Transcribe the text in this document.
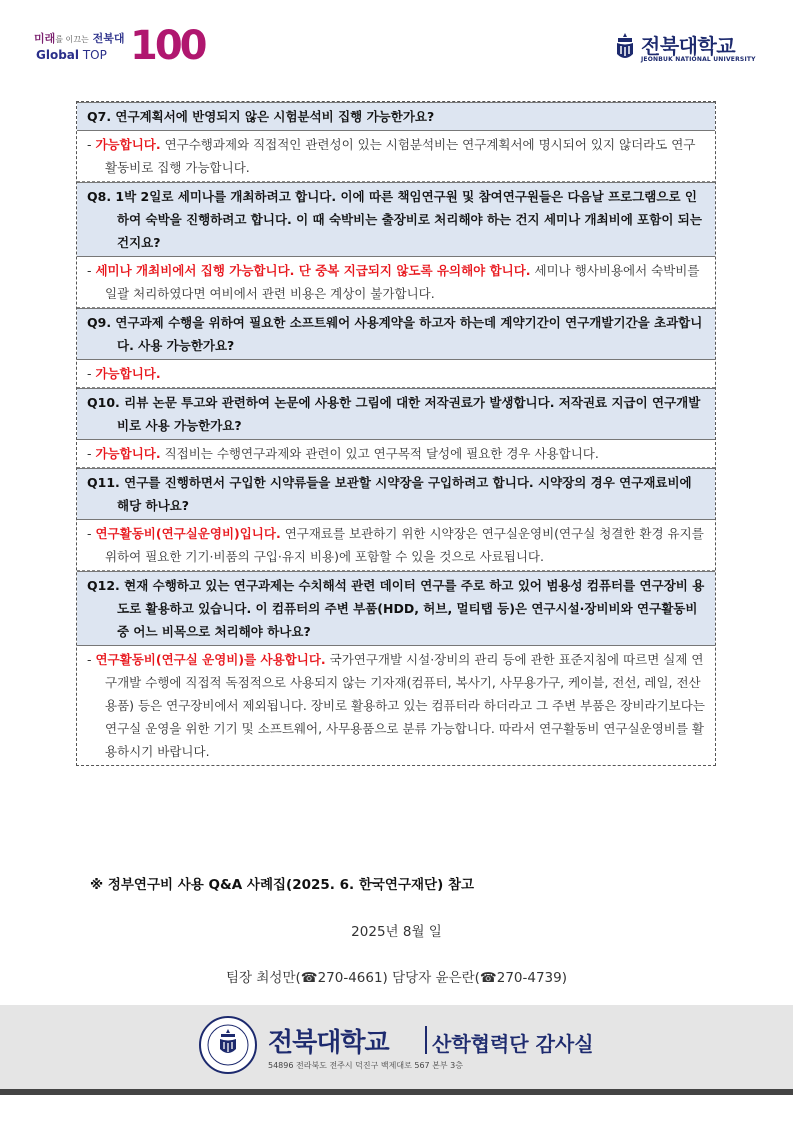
미래를 이끄는 전북대
Global TOP 100	전북대학교
JEONBUK NATIONAL UNIVERSITY
Q7. 연구계획서에 반영되지 않은 시험분석비 집행 가능한가요?
- 가능합니다. 연구수행과제와 직접적인 관련성이 있는 시험분석비는 연구계획서에 명시되어 있지 않더라도 연구활동비로 집행 가능합니다.
Q8. 1박 2일로 세미나를 개최하려고 합니다. 이에 따른 책임연구원 및 참여연구원들은 다음날 프로그램으로 인하여 숙박을 진행하려고 합니다. 이 때 숙박비는 출장비로 처리해야 하는 건지 세미나 개최비에 포함이 되는 건지요?
- 세미나 개최비에서 집행 가능합니다. 단 중복 지급되지 않도록 유의해야 합니다. 세미나 행사비용에서 숙박비를 일괄 처리하였다면 여비에서 관련 비용은 계상이 불가합니다.
Q9. 연구과제 수행을 위하여 필요한 소프트웨어 사용계약을 하고자 하는데 계약기간이 연구개발기간을 초과합니다. 사용 가능한가요?
- 가능합니다.
Q10. 리뷰 논문 투고와 관련하여 논문에 사용한 그림에 대한 저작권료가 발생합니다. 저작권료 지급이 연구개발비로 사용 가능한가요?
- 가능합니다. 직접비는 수행연구과제와 관련이 있고 연구목적 달성에 필요한 경우 사용합니다.
Q11. 연구를 진행하면서 구입한 시약류들을 보관할 시약장을 구입하려고 합니다. 시약장의 경우 연구재료비에 해당 하나요?
- 연구활동비(연구실운영비)입니다. 연구재료를 보관하기 위한 시약장은 연구실운영비(연구실 청결한 환경 유지를 위하여 필요한 기기·비품의 구입·유지 비용)에 포함할 수 있을 것으로 사료됩니다.
Q12. 현재 수행하고 있는 연구과제는 수치해석 관련 데이터 연구를 주로 하고 있어 범용성 컴퓨터를 연구장비 용도로 활용하고 있습니다. 이 컴퓨터의 주변 부품(HDD, 허브, 멀티탭 등)은 연구시설·장비비와 연구활동비 중 어느 비목으로 처리해야 하나요?
- 연구활동비(연구실 운영비)를 사용합니다. 국가연구개발 시설·장비의 관리 등에 관한 표준지침에 따르면 실제 연구개발 수행에 직접적 독점적으로 사용되지 않는 기자재(컴퓨터, 복사기, 사무용가구, 케이블, 전선, 레일, 전산용품) 등은 연구장비에서 제외됩니다. 장비로 활용하고 있는 컴퓨터라 하더라고 그 주변 부품은 장비라기보다는 연구실 운영을 위한 기기 및 소프트웨어, 사무용품으로 분류 가능합니다. 따라서 연구활동비 연구실운영비를 활용하시기 바랍니다.
※ 정부연구비 사용 Q&A 사례집(2025. 6. 한국연구재단) 참고
2025년 8월 일
팀장 최성만(☎270-4661) 담당자 윤은란(☎270-4739)
전북대학교 산학협력단 감사실
54896 전라북도 전주시 덕진구 백제대로 567 본부 3층
